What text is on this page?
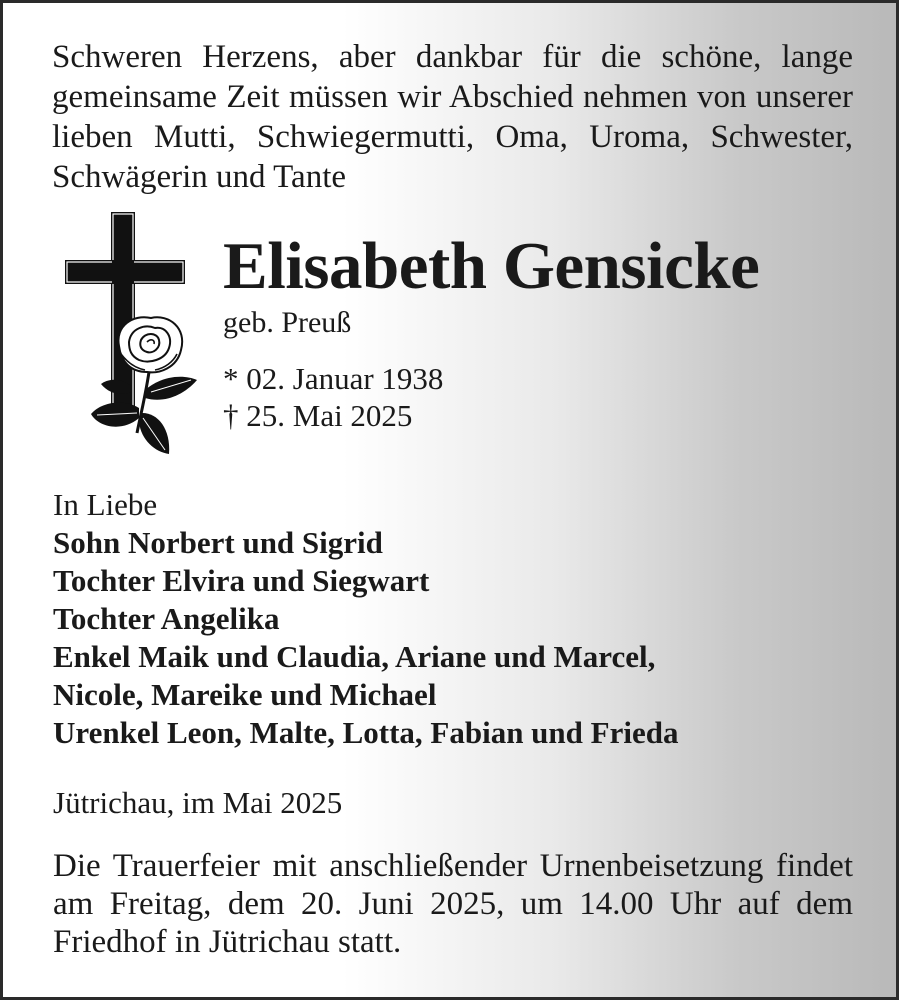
Schweren Herzens, aber dankbar für die schöne, lange gemeinsame Zeit müssen wir Abschied nehmen von unserer lieben Mutti, Schwiegermutti, Oma, Uroma, Schwester, Schwägerin und Tante

Elisabeth Gensicke

geb. Preuß

* 02. Januar 1938

† 25. Mai 2025

In Liebe
Sohn Norbert und Sigrid
Tochter Elvira und Siegwart
Tochter Angelika
Enkel Maik und Claudia, Ariane und Marcel,
Nicole, Mareike und Michael
Urenkel Leon, Malte, Lotta, Fabian und Frieda

Jütrichau, im Mai 2025

Die Trauerfeier mit anschließender Urnenbeisetzung findet am Freitag, dem 20. Juni 2025, um 14.00 Uhr auf dem Friedhof in Jütrichau statt.
